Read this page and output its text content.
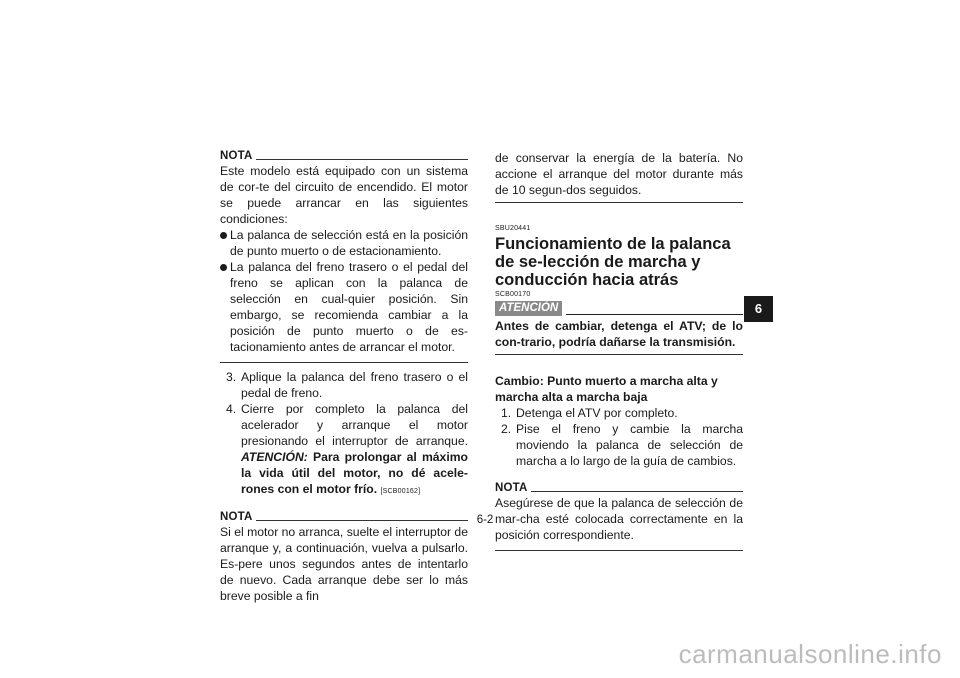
NOTA

Este modelo está equipado con un sistema de cor-te del circuito de encendido. El motor se puede arrancar en las siguientes condiciones:

La palanca de selección está en la posición de punto muerto o de estacionamiento.
La palanca del freno trasero o el pedal del freno se aplican con la palanca de selección en cual-quier posición. Sin embargo, se recomienda cambiar a la posición de punto muerto o de es-tacionamiento antes de arrancar el motor.
3. Aplique la palanca del freno trasero o el pedal de freno.
4. Cierre por completo la palanca del acelerador y arranque el motor presionando el interruptor de arranque. ATENCIÓN: Para prolongar al máximo la vida útil del motor, no dé acele-rones con el motor frío. [SCB00162]
NOTA

Si el motor no arranca, suelte el interruptor de arranque y, a continuación, vuelva a pulsarlo. Es-pere unos segundos antes de intentarlo de nuevo. Cada arranque debe ser lo más breve posible a fin

de conservar la energía de la batería. No accione el arranque del motor durante más de 10 segun-dos seguidos.

SBU20441

Funcionamiento de la palanca de se-lección de marcha y conducción hacia atrás

SCB00170
ATENCIÓN

Antes de cambiar, detenga el ATV; de lo con-trario, podría dañarse la transmisión.

Cambio: Punto muerto a marcha alta y marcha alta a marcha baja

1. Detenga el ATV por completo.
2. Pise el freno y cambie la marcha moviendo la palanca de selección de marcha a lo largo de la guía de cambios.
NOTA

Asegúrese de que la palanca de selección de mar-cha esté colocada correctamente en la posición correspondiente.

6
6-2
carmanualsonline.info
